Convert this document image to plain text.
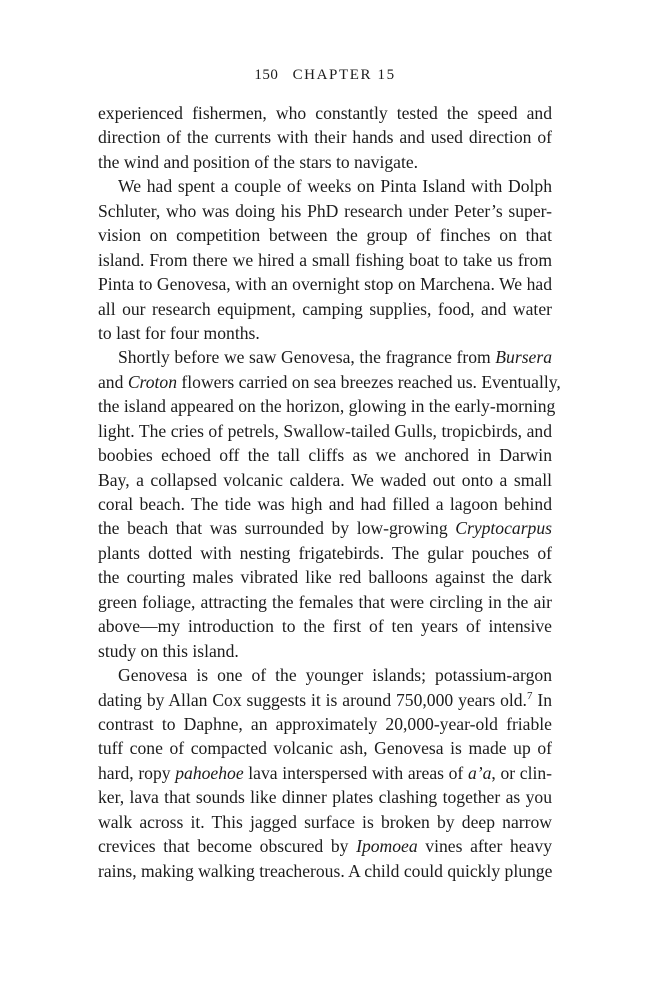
150 CHAPTER 15
experienced fishermen, who constantly tested the speed and
direction of the currents with their hands and used direction of
the wind and position of the stars to navigate.
We had spent a couple of weeks on Pinta Island with Dolph
Schluter, who was doing his PhD research under Peter’s super-
vision on competition between the group of finches on that
island. From there we hired a small fishing boat to take us from
Pinta to Genovesa, with an overnight stop on Marchena. We had
all our research equipment, camping supplies, food, and water
to last for four months.
Shortly before we saw Genovesa, the fragrance from Bursera
and Croton flowers carried on sea breezes reached us. Eventually,
the island appeared on the horizon, glowing in the early-morning
light. The cries of petrels, Swallow-tailed Gulls, tropicbirds, and
boobies echoed off the tall cliffs as we anchored in Darwin
Bay, a collapsed volcanic caldera. We waded out onto a small
coral beach. The tide was high and had filled a lagoon behind
the beach that was surrounded by low-growing Cryptocarpus
plants dotted with nesting frigatebirds. The gular pouches of
the courting males vibrated like red balloons against the dark
green foliage, attracting the females that were circling in the air
above—my introduction to the first of ten years of intensive
study on this island.
Genovesa is one of the younger islands; potassium-argon
dating by Allan Cox suggests it is around 750,000 years old.$^7$ In
contrast to Daphne, an approximately 20,000-year-old friable
tuff cone of compacted volcanic ash, Genovesa is made up of
hard, ropy pahoehoe lava interspersed with areas of a’a, or clin-
ker, lava that sounds like dinner plates clashing together as you
walk across it. This jagged surface is broken by deep narrow
crevices that become obscured by Ipomoea vines after heavy
rains, making walking treacherous. A child could quickly plunge
